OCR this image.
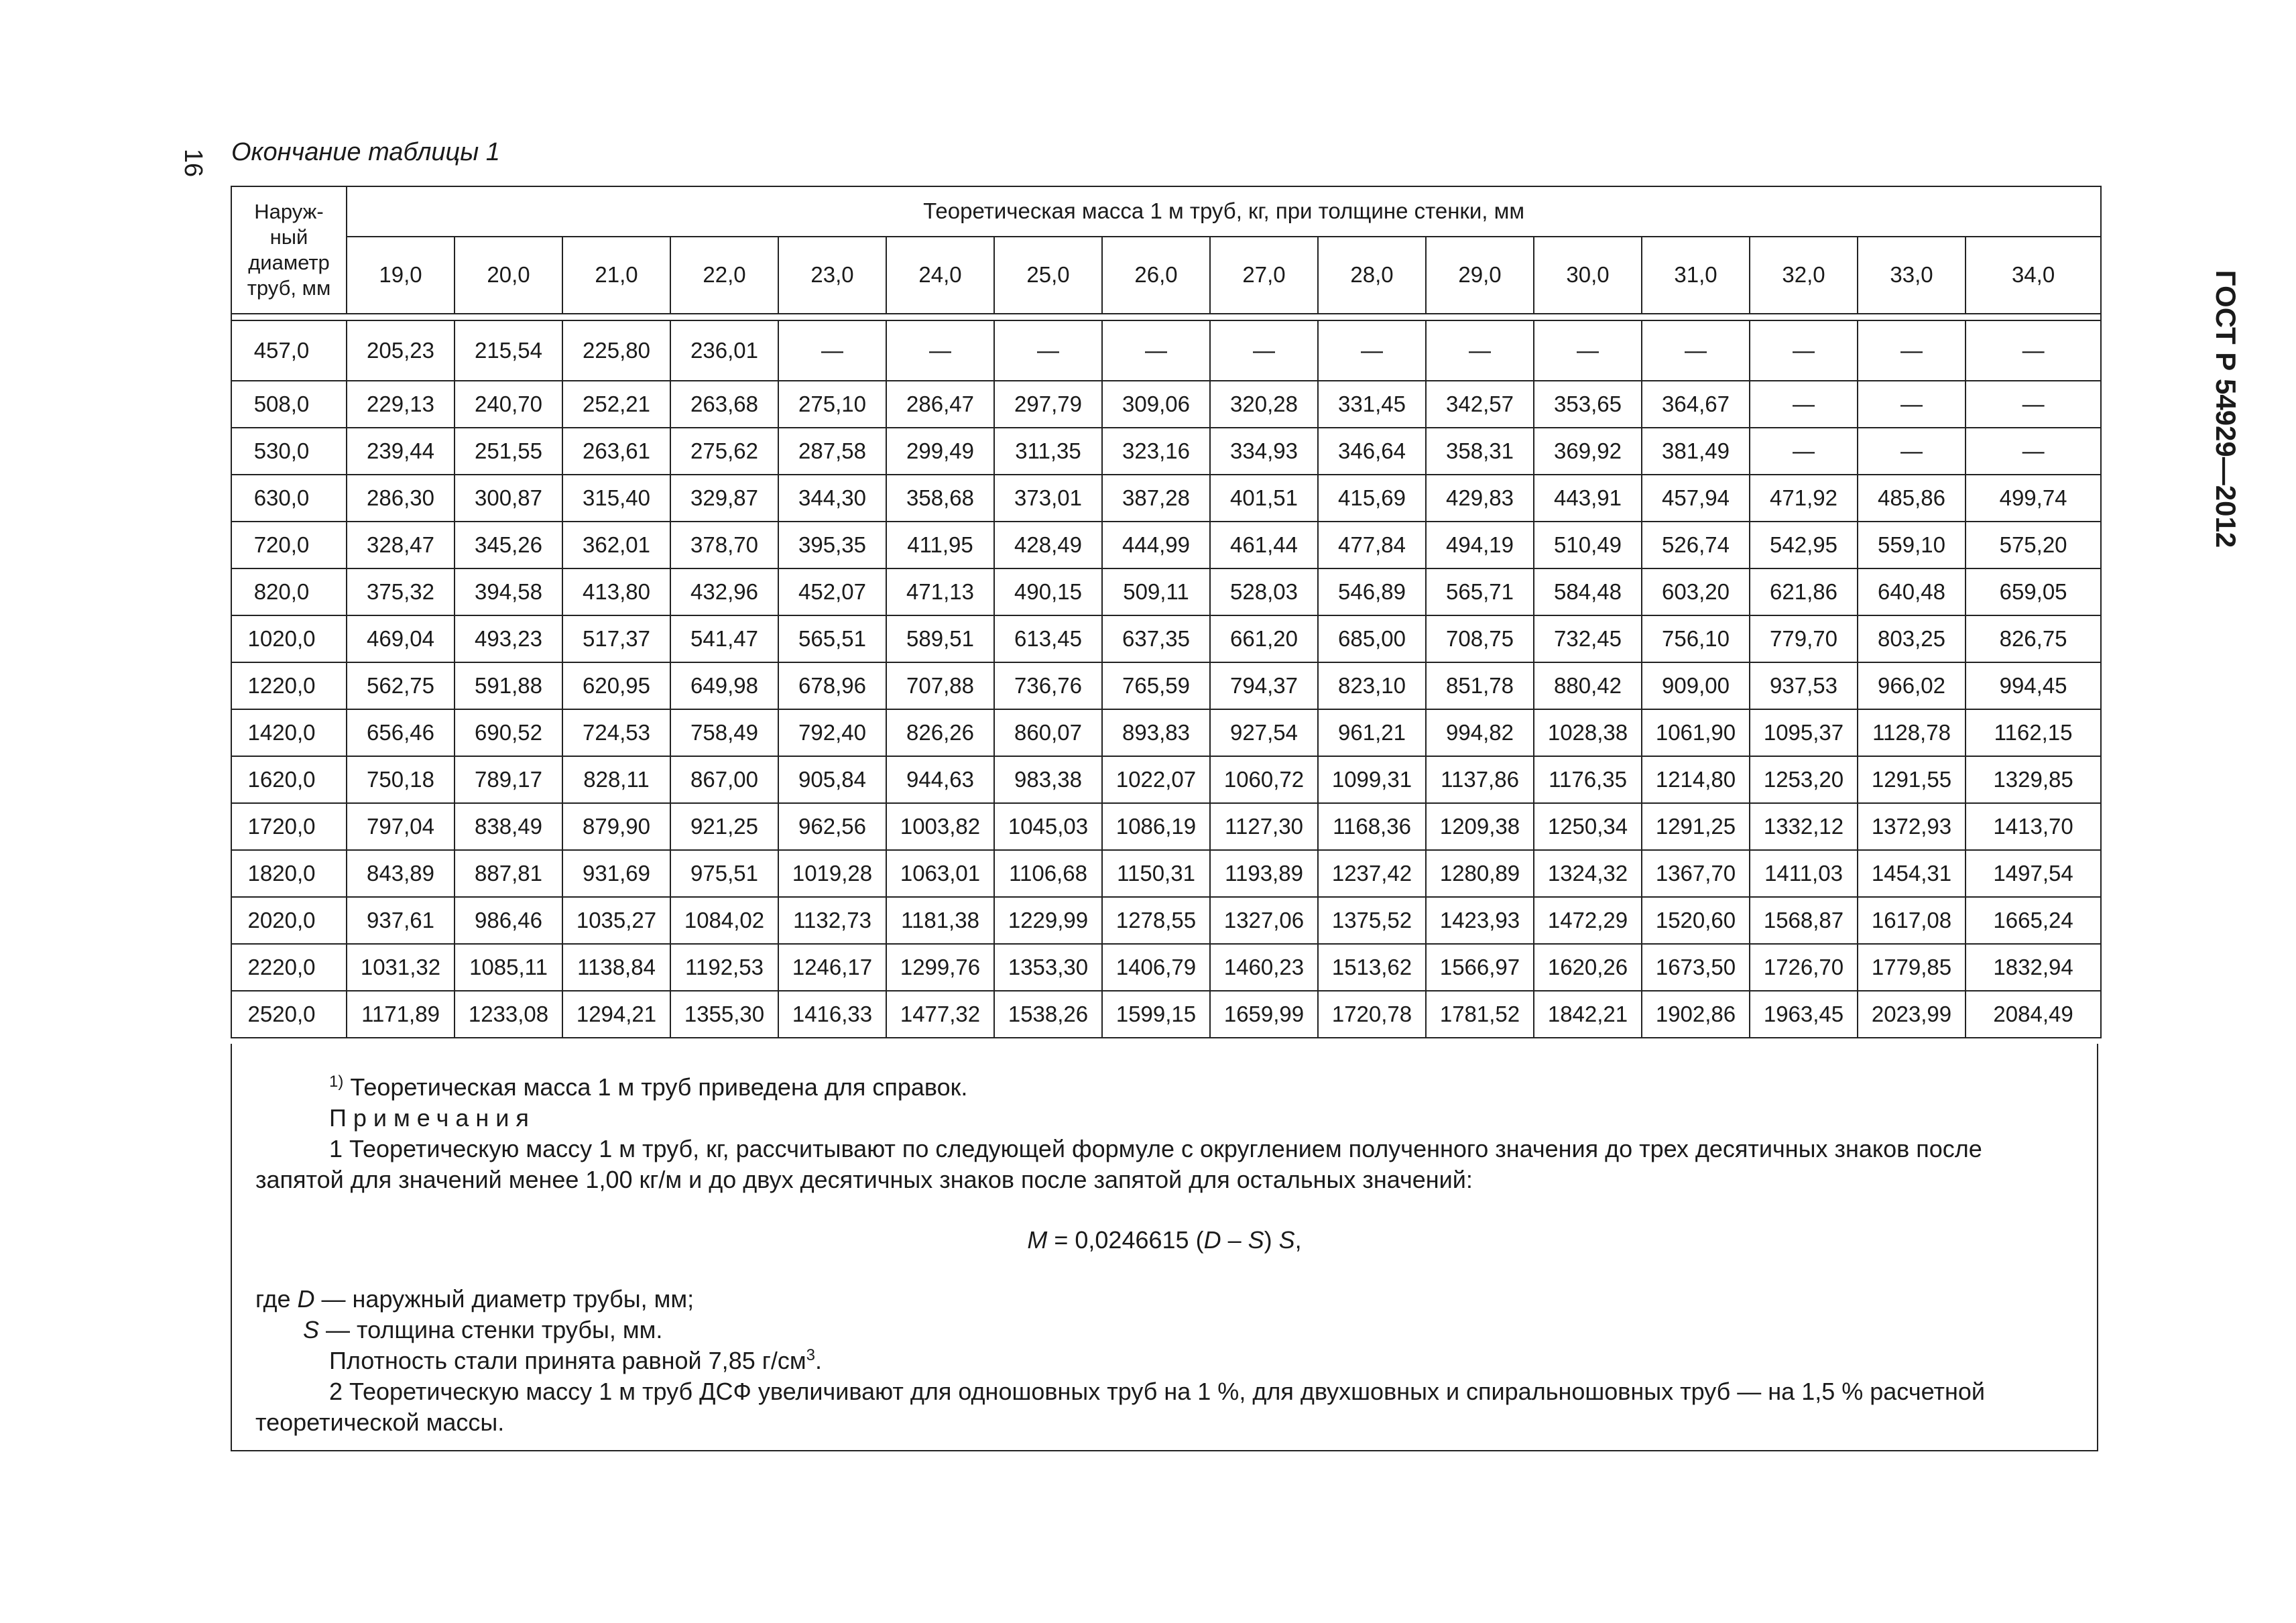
16 Окончание таблицы 1
ГОСТ Р 54929—2012
Наруж-
ный
диаметр
труб, мм	Теоретическая масса 1 м труб, кг, при толщине стенки, мм															
	19,0	20,0	21,0	22,0	23,0	24,0	25,0	26,0	27,0	28,0	29,0	30,0	31,0	32,0	33,0	34,0

457,0	205,23	215,54	225,80	236,01	—	—	—	—	—	—	—	—	—	—	—	—
508,0	229,13	240,70	252,21	263,68	275,10	286,47	297,79	309,06	320,28	331,45	342,57	353,65	364,67	—	—	—
530,0	239,44	251,55	263,61	275,62	287,58	299,49	311,35	323,16	334,93	346,64	358,31	369,92	381,49	—	—	—
630,0	286,30	300,87	315,40	329,87	344,30	358,68	373,01	387,28	401,51	415,69	429,83	443,91	457,94	471,92	485,86	499,74
720,0	328,47	345,26	362,01	378,70	395,35	411,95	428,49	444,99	461,44	477,84	494,19	510,49	526,74	542,95	559,10	575,20
820,0	375,32	394,58	413,80	432,96	452,07	471,13	490,15	509,11	528,03	546,89	565,71	584,48	603,20	621,86	640,48	659,05
1020,0	469,04	493,23	517,37	541,47	565,51	589,51	613,45	637,35	661,20	685,00	708,75	732,45	756,10	779,70	803,25	826,75
1220,0	562,75	591,88	620,95	649,98	678,96	707,88	736,76	765,59	794,37	823,10	851,78	880,42	909,00	937,53	966,02	994,45
1420,0	656,46	690,52	724,53	758,49	792,40	826,26	860,07	893,83	927,54	961,21	994,82	1028,38	1061,90	1095,37	1128,78	1162,15
1620,0	750,18	789,17	828,11	867,00	905,84	944,63	983,38	1022,07	1060,72	1099,31	1137,86	1176,35	1214,80	1253,20	1291,55	1329,85
1720,0	797,04	838,49	879,90	921,25	962,56	1003,82	1045,03	1086,19	1127,30	1168,36	1209,38	1250,34	1291,25	1332,12	1372,93	1413,70
1820,0	843,89	887,81	931,69	975,51	1019,28	1063,01	1106,68	1150,31	1193,89	1237,42	1280,89	1324,32	1367,70	1411,03	1454,31	1497,54
2020,0	937,61	986,46	1035,27	1084,02	1132,73	1181,38	1229,99	1278,55	1327,06	1375,52	1423,93	1472,29	1520,60	1568,87	1617,08	1665,24
2220,0	1031,32	1085,11	1138,84	1192,53	1246,17	1299,76	1353,30	1406,79	1460,23	1513,62	1566,97	1620,26	1673,50	1726,70	1779,85	1832,94
2520,0	1171,89	1233,08	1294,21	1355,30	1416,33	1477,32	1538,26	1599,15	1659,99	1720,78	1781,52	1842,21	1902,86	1963,45	2023,99	2084,49
$^{1)}$ Теоретическая масса 1 м труб приведена для справок.
Примечания
1 Теоретическую массу 1 м труб, кг, рассчитывают по следующей формуле с округлением полученного значения до трех десятичных знаков после запятой для значений менее 1,00 кг/м и до двух десятичных знаков после запятой для остальных значений:
M = 0,0246615 (D – S) S,
где D — наружный диаметр трубы, мм;
S — толщина стенки трубы, мм.
Плотность стали принята равной 7,85 $г/см^3$.
2 Теоретическую массу 1 м труб ДСФ увеличивают для одношовных труб на 1 %, для двухшовных и спиральношовных труб — на 1,5 % расчетной теоретической массы.
